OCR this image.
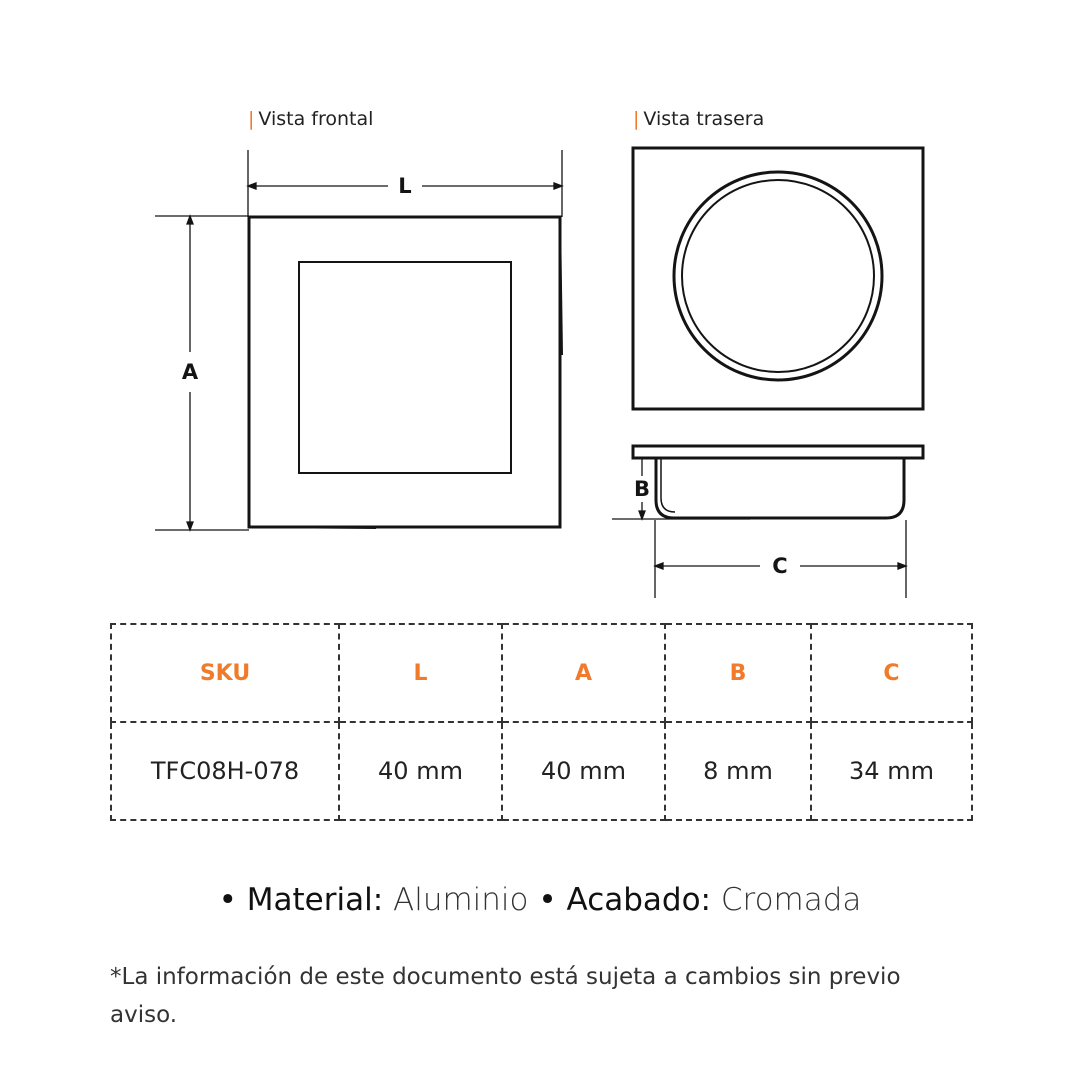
| Vista frontal	| Vista trasera
L
A
B
C
SKU	L	A	B	C
TFC08H-078	40 mm	40 mm	8 mm	34 mm
• Material: Aluminio • Acabado: Cromada
*La información de este documento está sujeta a cambios sin previo aviso.
